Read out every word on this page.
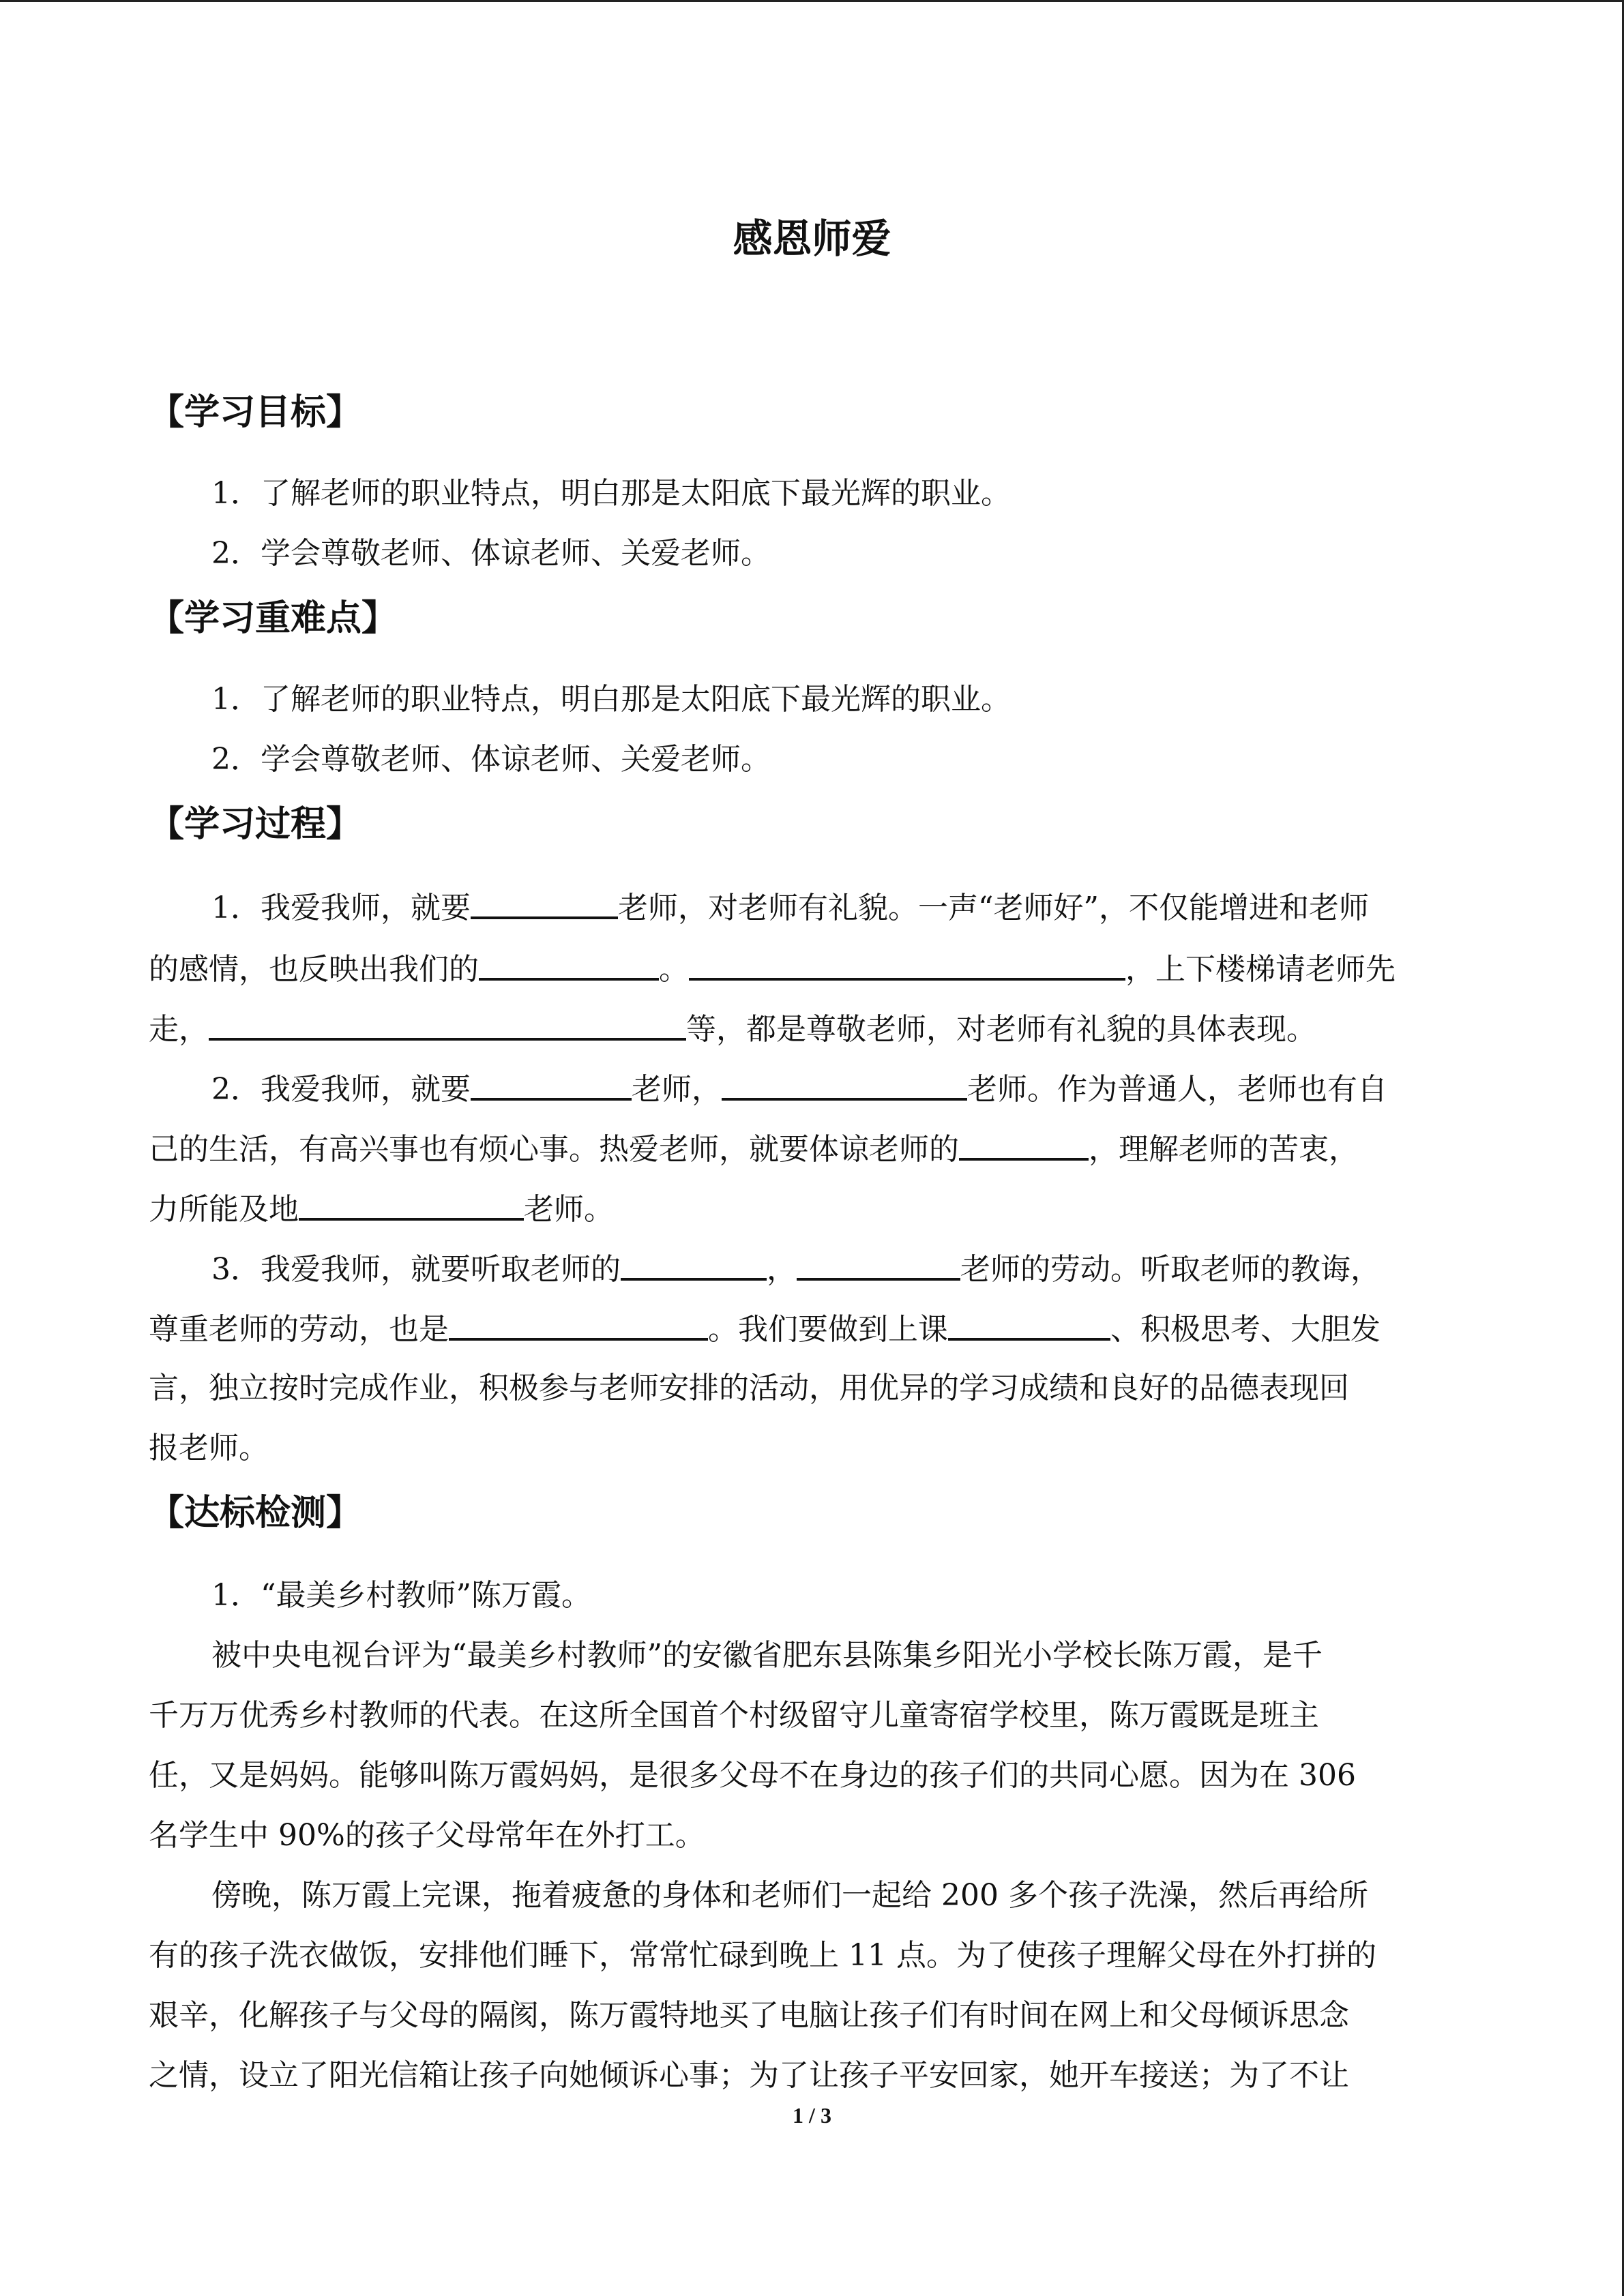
感恩师爱
【学习目标】
1．了解老师的职业特点，明白那是太阳底下最光辉的职业。
2．学会尊敬老师、体谅老师、关爱老师。
【学习重难点】
1．了解老师的职业特点，明白那是太阳底下最光辉的职业。
2．学会尊敬老师、体谅老师、关爱老师。
【学习过程】
1．我爱我师，就要	老师，对老师有礼貌。一声“老师好”，不仅能增进和老师
的感情，也反映出我们的	。	，上下楼梯请老师先
走，	等，都是尊敬老师，对老师有礼貌的具体表现。
2．我爱我师，就要	老师，	老师。作为普通人，老师也有自
己的生活，有高兴事也有烦心事。热爱老师，就要体谅老师的	，理解老师的苦衷，
力所能及地	老师。
3．我爱我师，就要听取老师的	，	老师的劳动。听取老师的教诲，
尊重老师的劳动，也是	。我们要做到上课	、积极思考、大胆发
言，独立按时完成作业，积极参与老师安排的活动，用优异的学习成绩和良好的品德表现回
报老师。
【达标检测】
1．“最美乡村教师”陈万霞。
被中央电视台评为“最美乡村教师”的安徽省肥东县陈集乡阳光小学校长陈万霞，是千
千万万优秀乡村教师的代表。在这所全国首个村级留守儿童寄宿学校里，陈万霞既是班主
任，又是妈妈。能够叫陈万霞妈妈，是很多父母不在身边的孩子们的共同心愿。因为在 306
名学生中 90%的孩子父母常年在外打工。
傍晚，陈万霞上完课，拖着疲惫的身体和老师们一起给 200 多个孩子洗澡，然后再给所
有的孩子洗衣做饭，安排他们睡下，常常忙碌到晚上 11 点。为了使孩子理解父母在外打拼的
艰辛，化解孩子与父母的隔阂，陈万霞特地买了电脑让孩子们有时间在网上和父母倾诉思念
之情，设立了阳光信箱让孩子向她倾诉心事；为了让孩子平安回家，她开车接送；为了不让
1 / 3
